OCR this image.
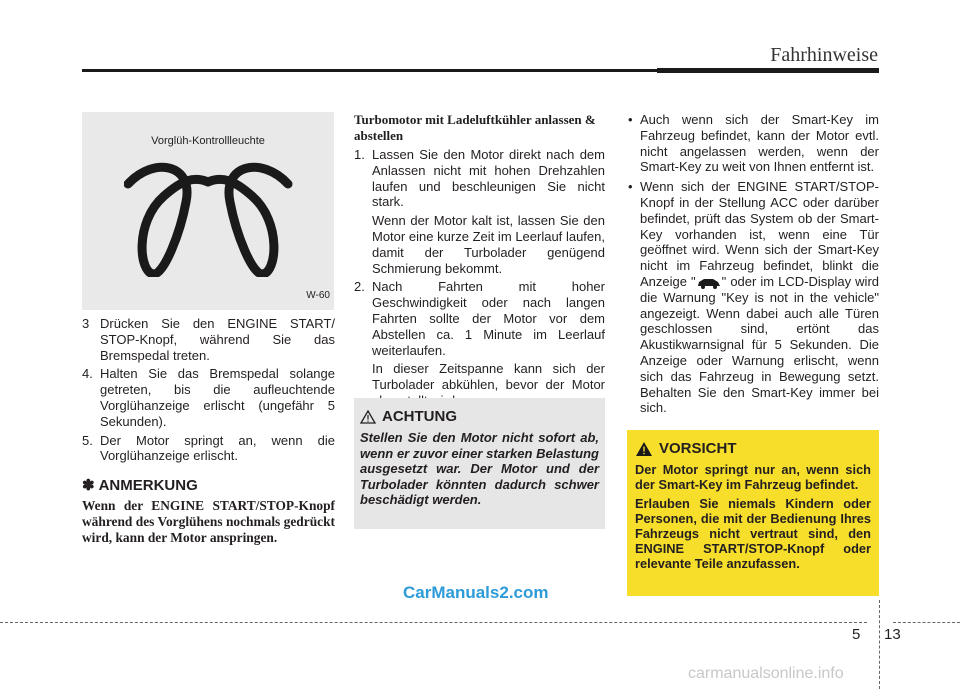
Fahrhinweise
Vorglüh-Kontrollleuchte
W-60
3 Drücken Sie den ENGINE START/ STOP-Knopf, während Sie das Bremspedal treten.
4. Halten Sie das Bremspedal solange getreten, bis die aufleuchtende Vorglühanzeige erlischt (ungefähr 5 Sekunden).
5. Der Motor springt an, wenn die Vorglühanzeige erlischt.
✽ ANMERKUNG
Wenn der ENGINE START/STOP-Knopf während des Vorglühens nochmals gedrückt wird, kann der Motor anspringen.
Turbomotor mit Ladeluftkühler anlassen & abstellen
1. Lassen Sie den Motor direkt nach dem Anlassen nicht mit hohen Drehzahlen laufen und beschleunigen Sie nicht stark.

Wenn der Motor kalt ist, lassen Sie den Motor eine kurze Zeit im Leerlauf laufen, damit der Turbolader genügend Schmierung bekommt.

2. Nach Fahrten mit hoher Geschwindigkeit oder nach langen Fahrten sollte der Motor vor dem Abstellen ca. 1 Minute im Leerlauf weiterlaufen.

In dieser Zeitspanne kann sich der Turbolader abkühlen, bevor der Motor

ACHTUNG
Stellen Sie den Motor nicht sofort ab, wenn er zuvor einer starken Belastung ausgesetzt war. Der Motor und der Turbolader könnten dadurch schwer beschädigt werden.
• Auch wenn sich der Smart-Key im Fahrzeug befindet, kann der Motor evtl. nicht angelassen werden, wenn der Smart-Key zu weit von Ihnen entfernt ist.
• Wenn sich der ENGINE START/STOP-Knopf in der Stellung ACC oder darüber befindet, prüft das System ob der Smart-Key vorhanden ist, wenn eine Tür geöffnet wird. Wenn sich der Smart-Key nicht im Fahrzeug befindet, blinkt die Anzeige " " oder im LCD-Display wird die Warnung "Key is not in the vehicle" angezeigt. Wenn dabei auch alle Türen geschlossen sind, ertönt das Akustikwarnsignal für 5 Sekunden. Die Anzeige oder Warnung erlischt, wenn sich das Fahrzeug in Bewegung setzt. Behalten Sie den Smart-Key immer bei sich.
VORSICHT

Der Motor springt nur an, wenn sich der Smart-Key im Fahrzeug befindet.

Erlauben Sie niemals Kindern oder Personen, die mit der Bedienung Ihres Fahrzeugs nicht vertraut sind, den ENGINE START/STOP-Knopf oder relevante Teile anzufassen.

CarManuals2.com
5 13
carmanualsonline.info
